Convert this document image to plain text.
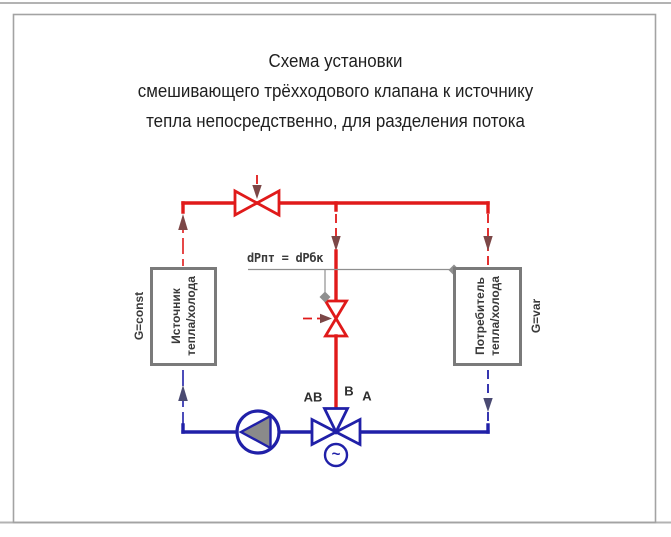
Схема установки
смешивающего трёхходового клапана к источнику
тепла непосредственно, для разделения потока
Источник тепла/холода
G=const	Потребитель тепла/холода G=var
dPпт = dPбк
AB B A
~
